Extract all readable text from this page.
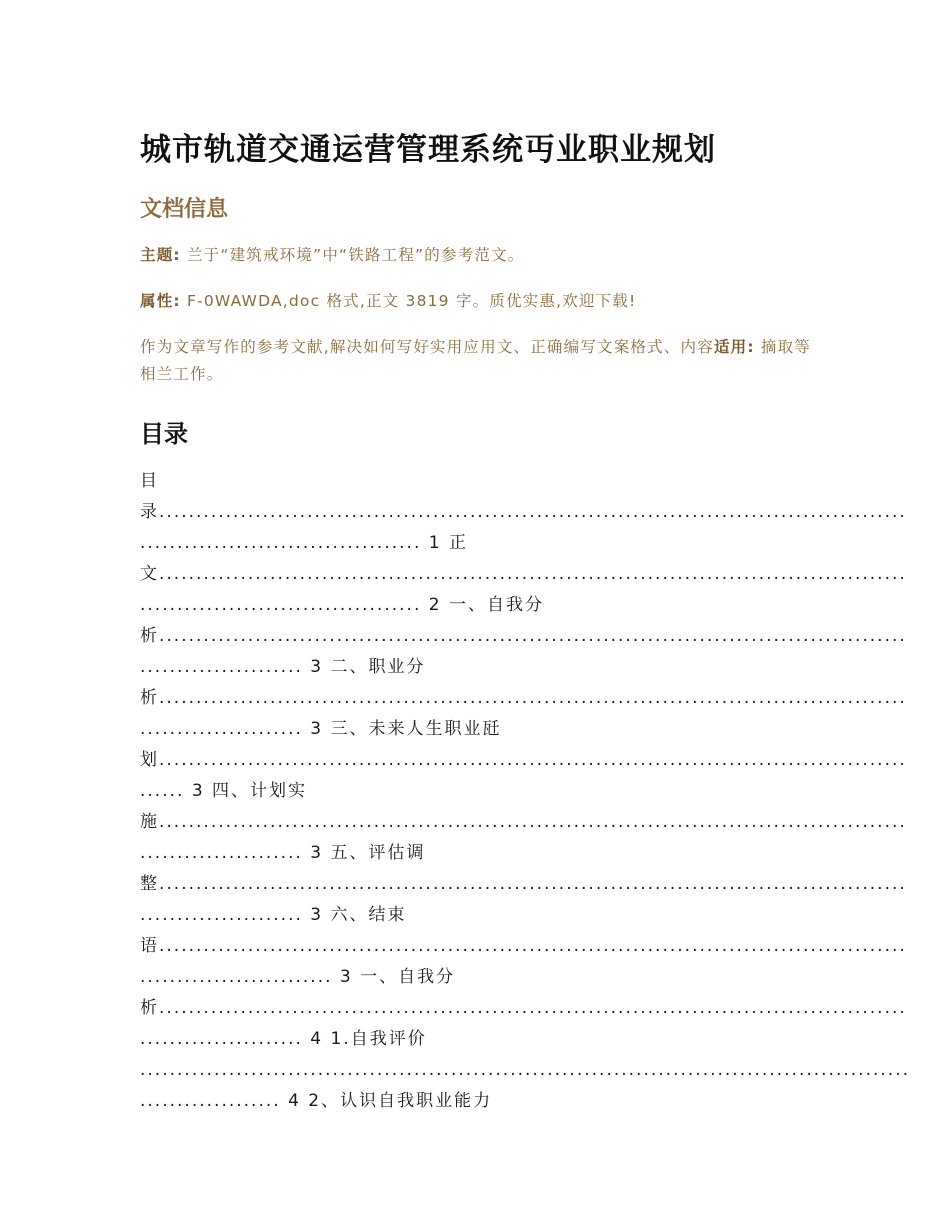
城市轨道交通运营管理系统丏业职业规划
文档信息
主题: 兰于“建筑戒环境”中“铁路工程”的参考范文。
属性: F-0WAWDA,doc 格式,正文 3819 字。质优实惠,欢迎下载!
作为文章写作的参考文献,解决如何写好实用应用文、正确编写文案格式、内容适用: 摘取等相兰工作。
目录
目
录.....................................................................................................
...................................... 1 正
文.....................................................................................................
...................................... 2 一、自我分
析.....................................................................................................
...................... 3 二、职业分
析.....................................................................................................
...................... 3 三、未来人生职业瓩
划.....................................................................................................
...... 3 四、计划实
施.....................................................................................................
...................... 3 五、评估调
整.....................................................................................................
...................... 3 六、结束
语.....................................................................................................
.......................... 3 一、自我分
析.....................................................................................................
...................... 4 1.自我评价
........................................................................................................
................... 4 2、认识自我职业能力
